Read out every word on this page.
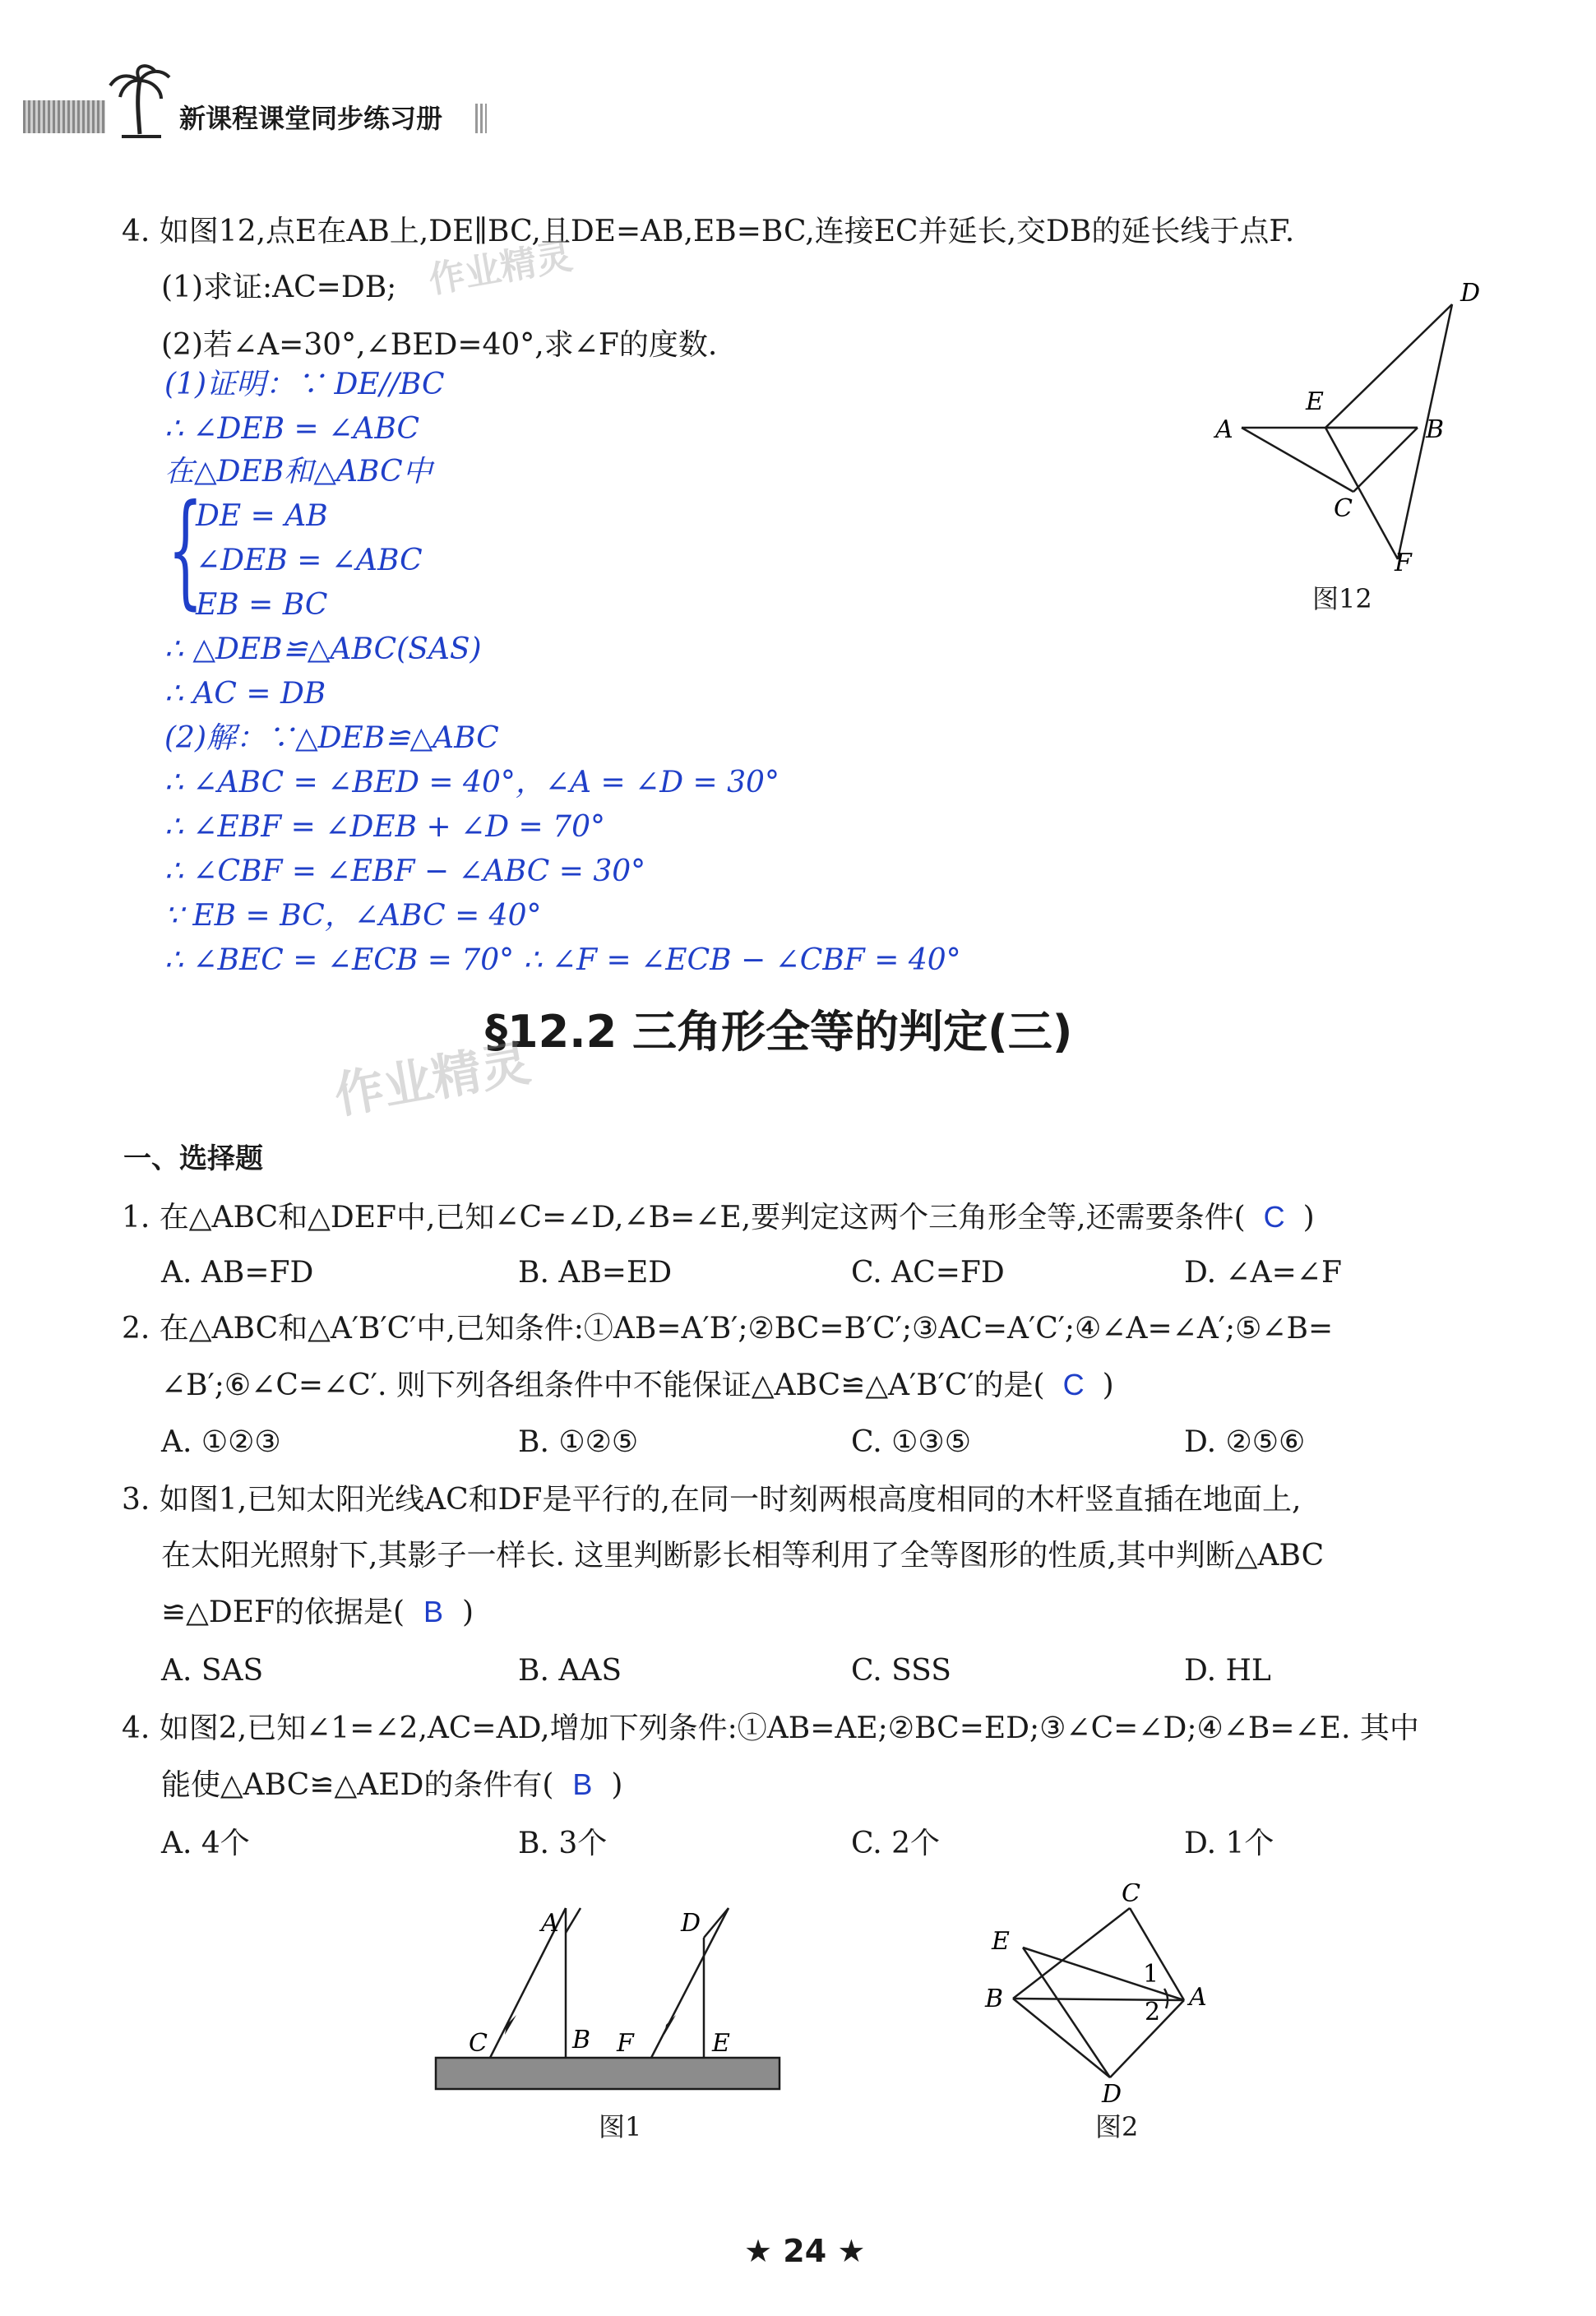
新课程课堂同步练习册
4. 如图12,点E在AB上,DE∥BC,且DE=AB,EB=BC,连接EC并延长,交DB的延长线于点F.
(1)求证:AC=DB;
(2)若∠A=30°,∠BED=40°,求∠F的度数.
作业精灵
(1)证明：∵ DE//BC
∴ ∠DEB = ∠ABC
在△DEB和△ABC中
{
DE = AB
∠DEB = ∠ABC
EB = BC
∴ △DEB≌△ABC(SAS)
∴ AC = DB
(2)解：∵△DEB≌△ABC
∴ ∠ABC = ∠BED = 40°，∠A = ∠D = 30°
∴ ∠EBF = ∠DEB + ∠D = 70°
∴ ∠CBF = ∠EBF − ∠ABC = 30°
∵ EB = BC，∠ABC = 40°
∴ ∠BEC = ∠ECB = 70° ∴ ∠F = ∠ECB − ∠CBF = 40°
D
E
A	B
C
F
图12
§12.2 三角形全等的判定(三)
作业精灵
一、选择题
1. 在△ABC和△DEF中,已知∠C=∠D,∠B=∠E,要判定这两个三角形全等,还需要条件( C )
A. AB=FD	B. AB=ED	C. AC=FD	D. ∠A=∠F
2. 在△ABC和△A′B′C′中,已知条件:①AB=A′B′;②BC=B′C′;③AC=A′C′;④∠A=∠A′;⑤∠B=
∠B′;⑥∠C=∠C′. 则下列各组条件中不能保证△ABC≌△A′B′C′的是( C )
A. ①②③	B. ①②⑤	C. ①③⑤	D. ②⑤⑥
3. 如图1,已知太阳光线AC和DF是平行的,在同一时刻两根高度相同的木杆竖直插在地面上,
在太阳光照射下,其影子一样长. 这里判断影长相等利用了全等图形的性质,其中判断△ABC
≌△DEF的依据是( B )
A. SAS	B. AAS	C. SSS	D. HL
4. 如图2,已知∠1=∠2,AC=AD,增加下列条件:①AB=AE;②BC=ED;③∠C=∠D;④∠B=∠E. 其中
能使△ABC≌△AED的条件有( B )
A. 4个	B. 3个	C. 2个	D. 1个
A	D
C	B F	E
图1
C
E
1
B	A
2
D
图2
★ 24 ★
